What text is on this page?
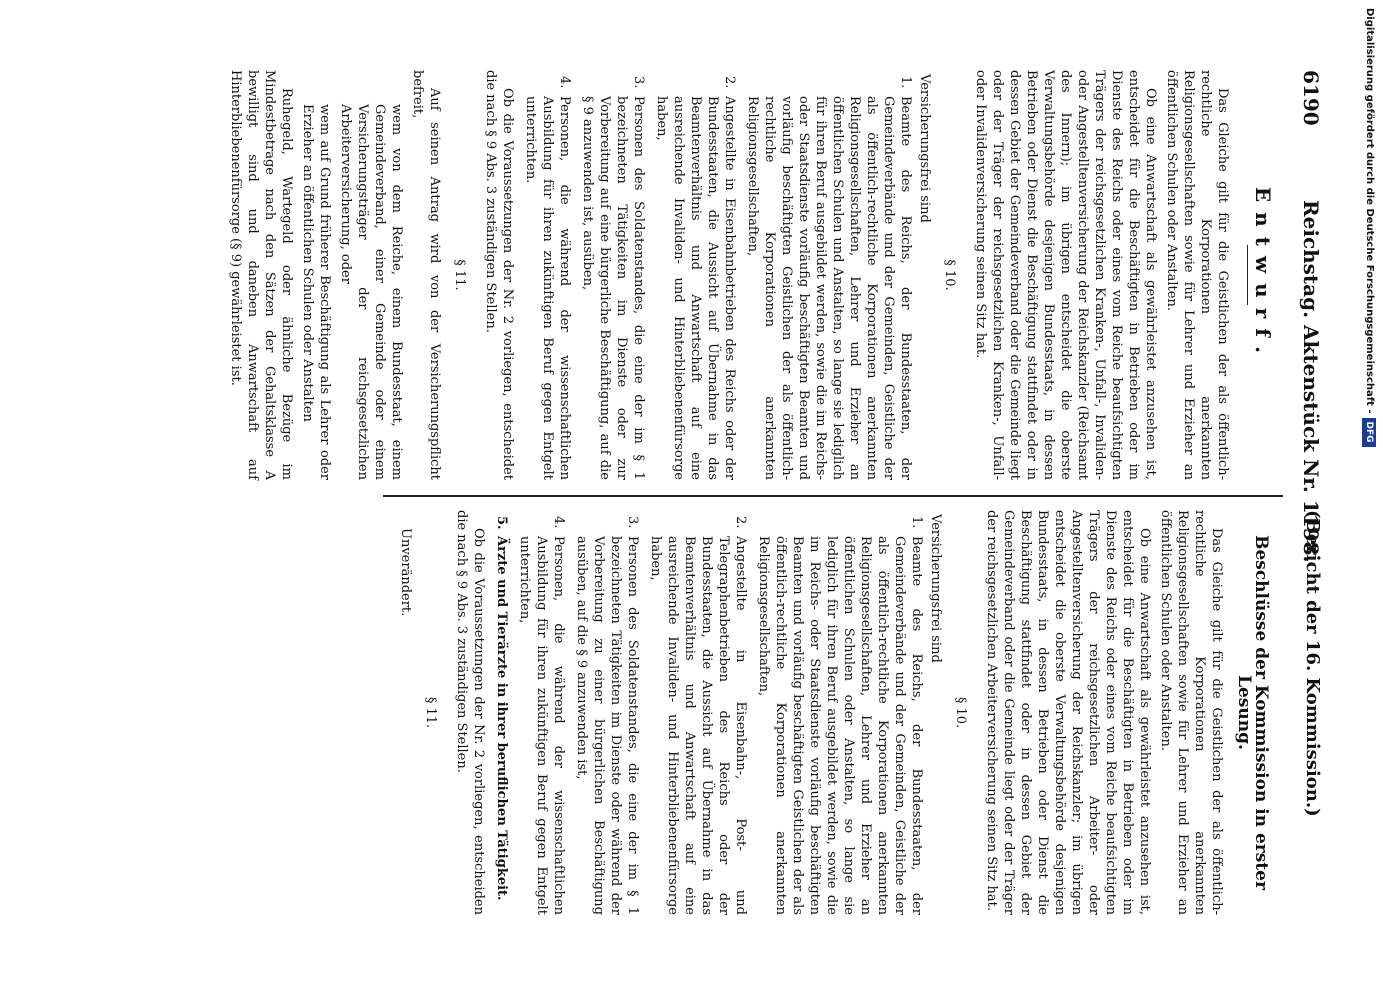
6190
Reichstag. Aktenstück Nr. 1198.
(Bericht der 16. Kommission.)
Entwurf.

Das Gleiche gilt für die Geistlichen der als öffentlich-rechtliche Korporationen anerkannten Religionsgesellschaften sowie für Lehrer und Erzieher an öffentlichen Schulen oder Anstalten.

Ob eine Anwartschaft als gewährleistet anzusehen ist, entscheidet für die Beschäftigten in Betrieben oder im Dienste des Reichs oder eines vom Reiche beaufsichtigten Trägers der reichsgesetzlichen Kranken-, Unfall-, Invaliden- oder Angestelltenversicherung der Reichskanzler (Reichsamt des Innern); im übrigen entscheidet die oberste Verwaltungsbehörde desjenigen Bundesstaats, in dessen Betrieben oder Dienst die Beschäftigung stattfindet oder in dessen Gebiet der Gemeindeverband oder die Gemeinde liegt oder der Träger der reichsgesetzlichen Kranken-, Unfall- oder Invalidenversicherung seinen Sitz hat.

§ 10.

Versicherungsfrei sind

1.
Beamte des Reichs, der Bundesstaaten, der Gemeindeverbände und der Gemeinden, Geistliche der als öffentlich-rechtliche Korporationen anerkannten Religionsgesellschaften, Lehrer und Erzieher an öffentlichen Schulen und Anstalten, so lange sie lediglich für ihren Beruf ausgebildet werden, sowie die im Reichs- oder Staatsdienste vorläufig beschäftigten Beamten und vorläufig beschäftigten Geistlichen der als öffentlich-rechtliche Korporationen anerkannten Religionsgesellschaften,
2.
Angestellte in Eisenbahnbetrieben des Reichs oder der Bundesstaaten, die Aussicht auf Übernahme in das Beamtenverhältnis und Anwartschaft auf eine ausreichende Invaliden- und Hinterbliebenenfürsorge haben,
3.
Personen des Soldatenstandes, die eine der im § 1 bezeichneten Tätigkeiten im Dienste oder zur Vorbereitung auf eine bürgerliche Beschäftigung, auf die § 9 anzuwenden ist, ausüben,
4.
Personen, die während der wissenschaftlichen Ausbildung für ihren zukünftigen Beruf gegen Entgelt unterrichten.

Ob die Voraussetzungen der Nr. 2 vorliegen, entscheidet die nach § 9 Abs. 3 zuständigen Stellen.

§ 11.

Auf seinen Antrag wird von der Versicherungspflicht befreit,

wem von dem Reiche, einem Bundesstaat, einem Gemeindeverband, einer Gemeinde oder einem Versicherungsträger der reichsgesetzlichen Arbeiterversicherung, oder

wem auf Grund früherer Beschäftigung als Lehrer oder Erzieher an öffentlichen Schulen oder Anstalten

Ruhegeld, Wartegeld oder ähnliche Bezüge im Mindestbetrage nach den Sätzen der Gehaltsklasse A bewilligt sind und daneben Anwartschaft auf Hinterbliebenenfürsorge (§ 9) gewährleistet ist.

Beschlüsse der Kommission in erster Lesung.

Das Gleiche gilt für die Geistlichen der als öffentlich-rechtliche Korporationen anerkannten Religionsgesellschaften sowie für Lehrer und Erzieher an öffentlichen Schulen oder Anstalten.

Ob eine Anwartschaft als gewährleistet anzusehen ist, entscheidet für die Beschäftigten in Betrieben oder im Dienste des Reichs oder eines vom Reiche beaufsichtigten Trägers der reichsgesetzlichen Arbeiter- oder Angestelltenversicherung der Reichskanzler; im übrigen entscheidet die oberste Verwaltungsbehörde desjenigen Bundesstaats, in dessen Betrieben oder Dienst die Beschäftigung stattfindet oder in dessen Gebiet der Gemeindeverband oder die Gemeinde liegt oder der Träger der reichsgesetzlichen Arbeiterversicherung seinen Sitz hat.

§ 10.

Versicherungsfrei sind

1.
Beamte des Reichs, der Bundesstaaten, der Gemeindeverbände und der Gemeinden, Geistliche der als öffentlich-rechtliche Korporationen anerkannten Religionsgesellschaften, Lehrer und Erzieher an öffentlichen Schulen oder Anstalten, so lange sie lediglich für ihren Beruf ausgebildet werden, sowie die im Reichs- oder Staatsdienste vorläufig beschäftigten Beamten und vorläufig beschäftigten Geistlichen der als öffentlich-rechtliche Korporationen anerkannten Religionsgesellschaften,
2.
Angestellte in Eisenbahn-, Post- und Telegraphenbetrieben des Reichs oder der Bundesstaaten, die Aussicht auf Übernahme in das Beamtenverhältnis und Anwartschaft auf eine ausreichende Invaliden- und Hinterbliebenenfürsorge haben,
3.
Personen des Soldatenstandes, die eine der im § 1 bezeichneten Tätigkeiten im Dienste oder während der Vorbereitung zu einer bürgerlichen Beschäftigung ausüben, auf die § 9 anzuwenden ist,
4.
Personen, die während der wissenschaftlichen Ausbildung für ihren zukünftigen Beruf gegen Entgelt unterrichten,
5.
Ärzte und Tierärzte in ihrer beruflichen Tätigkeit.

Ob die Voraussetzungen der Nr. 2 vorliegen, entscheiden die nach § 9 Abs. 3 zuständigen Stellen.

§ 11.

Unverändert.

Digitalisierung gefördert durch die Deutsche Forschungsgemeinschaft -DFG
